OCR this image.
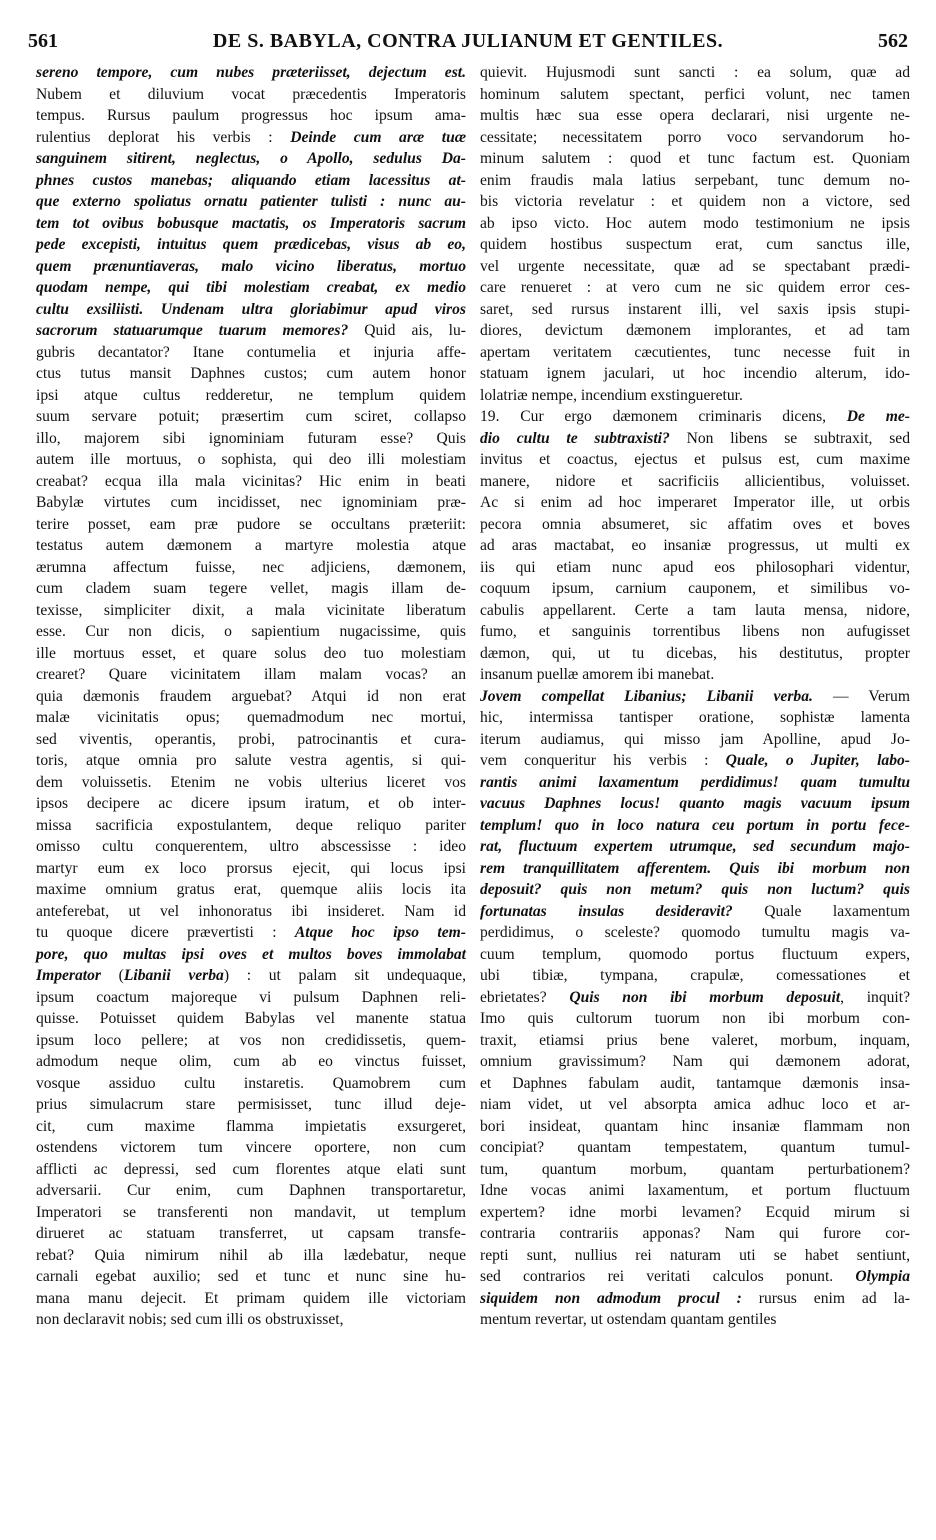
561	DE S. BABYLA, CONTRA JULIANUM ET GENTILES.	562
sereno tempore, cum nubes præteriisset, dejectum est.
Nubem et diluvium vocat præcedentis Imperatoris
tempus. Rursus paulum progressus hoc ipsum ama-
rulentius deplorat his verbis : Deinde cum aræ tuæ
sanguinem sitirent, neglectus, o Apollo, sedulus Da-
phnes custos manebas; aliquando etiam lacessitus at-
que externo spoliatus ornatu patienter tulisti : nunc au-
tem tot ovibus bobusque mactatis, os Imperatoris sacrum
pede excepisti, intuitus quem prædicebas, visus ab eo,
quem prænuntiaveras, malo vicino liberatus, mortuo
quodam nempe, qui tibi molestiam creabat, ex medio
cultu exsiliisti. Undenam ultra gloriabimur apud viros
sacrorum statuarumque tuarum memores? Quid ais, lu-
gubris decantator? Itane contumelia et injuria affe-
ctus tutus mansit Daphnes custos; cum autem honor
ipsi atque cultus redderetur, ne templum quidem
suum servare potuit; præsertim cum sciret, collapso
illo, majorem sibi ignominiam futuram esse? Quis
autem ille mortuus, o sophista, qui deo illi molestiam
creabat? ecqua illa mala vicinitas? Hic enim in beati
Babylæ virtutes cum incidisset, nec ignominiam præ-
terire posset, eam præ pudore se occultans præteriit:
testatus autem dæmonem a martyre molestia atque
ærumna affectum fuisse, nec adjiciens, dæmonem,
cum cladem suam tegere vellet, magis illam de-
texisse, simpliciter dixit, a mala vicinitate liberatum
esse. Cur non dicis, o sapientium nugacissime, quis
ille mortuus esset, et quare solus deo tuo molestiam
crearet? Quare vicinitatem illam malam vocas? an
quia dæmonis fraudem arguebat? Atqui id non erat
malæ vicinitatis opus; quemadmodum nec mortui,
sed viventis, operantis, probi, patrocinantis et cura-
toris, atque omnia pro salute vestra agentis, si qui-
dem voluissetis. Etenim ne vobis ulterius liceret vos
ipsos decipere ac dicere ipsum iratum, et ob inter-
missa sacrificia expostulantem, deque reliquo pariter
omisso cultu conquerentem, ultro abscessisse : ideo
martyr eum ex loco prorsus ejecit, qui locus ipsi
maxime omnium gratus erat, quemque aliis locis ita
anteferebat, ut vel inhonoratus ibi insideret. Nam id
tu quoque dicere prævertisti : Atque hoc ipso tem-
pore, quo multas ipsi oves et multos boves immolabat
Imperator (Libanii verba) : ut palam sit undequaque,
ipsum coactum majoreque vi pulsum Daphnen reli-
quisse. Potuisset quidem Babylas vel manente statua
ipsum loco pellere; at vos non credidissetis, quem-
admodum neque olim, cum ab eo vinctus fuisset,
vosque assiduo cultu instaretis. Quamobrem cum
prius simulacrum stare permisisset, tunc illud deje-
cit, cum maxime flamma impietatis exsurgeret,
ostendens victorem tum vincere oportere, non cum
afflicti ac depressi, sed cum florentes atque elati sunt
adversarii. Cur enim, cum Daphnen transportaretur,
Imperatori se transferenti non mandavit, ut templum
dirueret ac statuam transferret, ut capsam transfe-
rebat? Quia nimirum nihil ab illa lædebatur, neque
carnali egebat auxilio; sed et tunc et nunc sine hu-
mana manu dejecit. Et primam quidem ille victoriam
non declaravit nobis; sed cum illi os obstruxisset,
quievit. Hujusmodi sunt sancti : ea solum, quæ ad
hominum salutem spectant, perfici volunt, nec tamen
multis hæc sua esse opera declarari, nisi urgente ne-
cessitate; necessitatem porro voco servandorum ho-
minum salutem : quod et tunc factum est. Quoniam
enim fraudis mala latius serpebant, tunc demum no-
bis victoria revelatur : et quidem non a victore, sed
ab ipso victo. Hoc autem modo testimonium ne ipsis
quidem hostibus suspectum erat, cum sanctus ille,
vel urgente necessitate, quæ ad se spectabant prædi-
care renueret : at vero cum ne sic quidem error ces-
saret, sed rursus instarent illi, vel saxis ipsis stupi-
diores, devictum dæmonem implorantes, et ad tam
apertam veritatem cæcutientes, tunc necesse fuit in
statuam ignem jaculari, ut hoc incendio alterum, ido-
lolatriæ nempe, incendium exstingueretur.
19. Cur ergo dæmonem criminaris dicens, De me-
dio cultu te subtraxisti? Non libens se subtraxit, sed
invitus et coactus, ejectus et pulsus est, cum maxime
manere, nidore et sacrificiis allicientibus, voluisset.
Ac si enim ad hoc imperaret Imperator ille, ut orbis
pecora omnia absumeret, sic affatim oves et boves
ad aras mactabat, eo insaniæ progressus, ut multi ex
iis qui etiam nunc apud eos philosophari videntur,
coquum ipsum, carnium cauponem, et similibus vo-
cabulis appellarent. Certe a tam lauta mensa, nidore,
fumo, et sanguinis torrentibus libens non aufugisset
dæmon, qui, ut tu dicebas, his destitutus, propter
insanum puellæ amorem ibi manebat.
Jovem compellat Libanius; Libanii verba. — Verum
hic, intermissa tantisper oratione, sophistæ lamenta
iterum audiamus, qui misso jam Apolline, apud Jo-
vem conqueritur his verbis : Quale, o Jupiter, labo-
rantis animi laxamentum perdidimus! quam tumultu
vacuus Daphnes locus! quanto magis vacuum ipsum
templum! quo in loco natura ceu portum in portu fece-
rat, fluctuum expertem utrumque, sed secundum majo-
rem tranquillitatem afferentem. Quis ibi morbum non
deposuit? quis non metum? quis non luctum? quis
fortunatas insulas desideravit? Quale laxamentum
perdidimus, o sceleste? quomodo tumultu magis va-
cuum templum, quomodo portus fluctuum expers,
ubi tibiæ, tympana, crapulæ, comessationes et
ebrietates? Quis non ibi morbum deposuit, inquit?
Imo quis cultorum tuorum non ibi morbum con-
traxit, etiamsi prius bene valeret, morbum, inquam,
omnium gravissimum? Nam qui dæmonem adorat,
et Daphnes fabulam audit, tantamque dæmonis insa-
niam videt, ut vel absorpta amica adhuc loco et ar-
bori insideat, quantam hinc insaniæ flammam non
concipiat? quantam tempestatem, quantum tumul-
tum, quantum morbum, quantam perturbationem?
Idne vocas animi laxamentum, et portum fluctuum
expertem? idne morbi levamen? Ecquid mirum si
contraria contrariis apponas? Nam qui furore cor-
repti sunt, nullius rei naturam uti se habet sentiunt,
sed contrarios rei veritati calculos ponunt. Olympia
siquidem non admodum procul : rursus enim ad la-
mentum revertar, ut ostendam quantam gentiles
